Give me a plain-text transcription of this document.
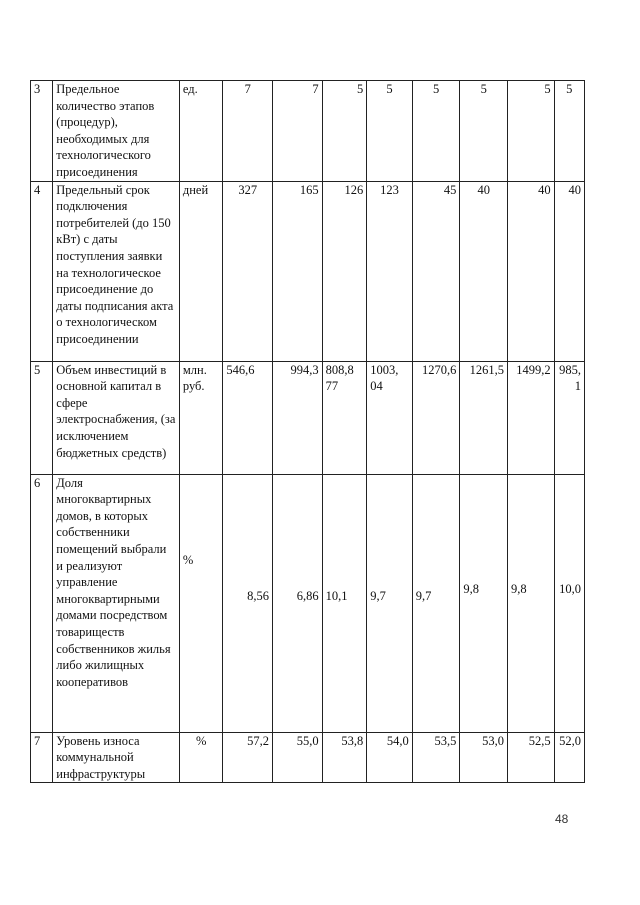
3	Предельное количество этапов (процедур), необходимых для технологического присоединения	ед.	7	7	5	5	5	5	5	5
4	Предельный срок подключения потребителей (до 150 кВт) с даты поступления заявки на технологическое присоединение до даты подписания акта о технологическом присоединении	дней	327	165	126	123	45	40	40	40
5	Объем инвестиций в основной капитал в сфере электроснабжения, (за исключением бюджетных средств)	млн. руб.	546,6	994,3	808,8 77	1003, 04	1270,6	1261,5	1499,2	985, 1
6	Доля многоквартирных домов, в которых собственники помещений выбрали и реализуют управление многоквартирными домами посредством товариществ собственников жилья либо жилищных кооперативов	%	8,56	6,86	10,1	9,7	9,7	9,8	9,8	10,0
7	Уровень износа коммунальной инфраструктуры	%	57,2	55,0	53,8	54,0	53,5	53,0	52,5	52,0
48
